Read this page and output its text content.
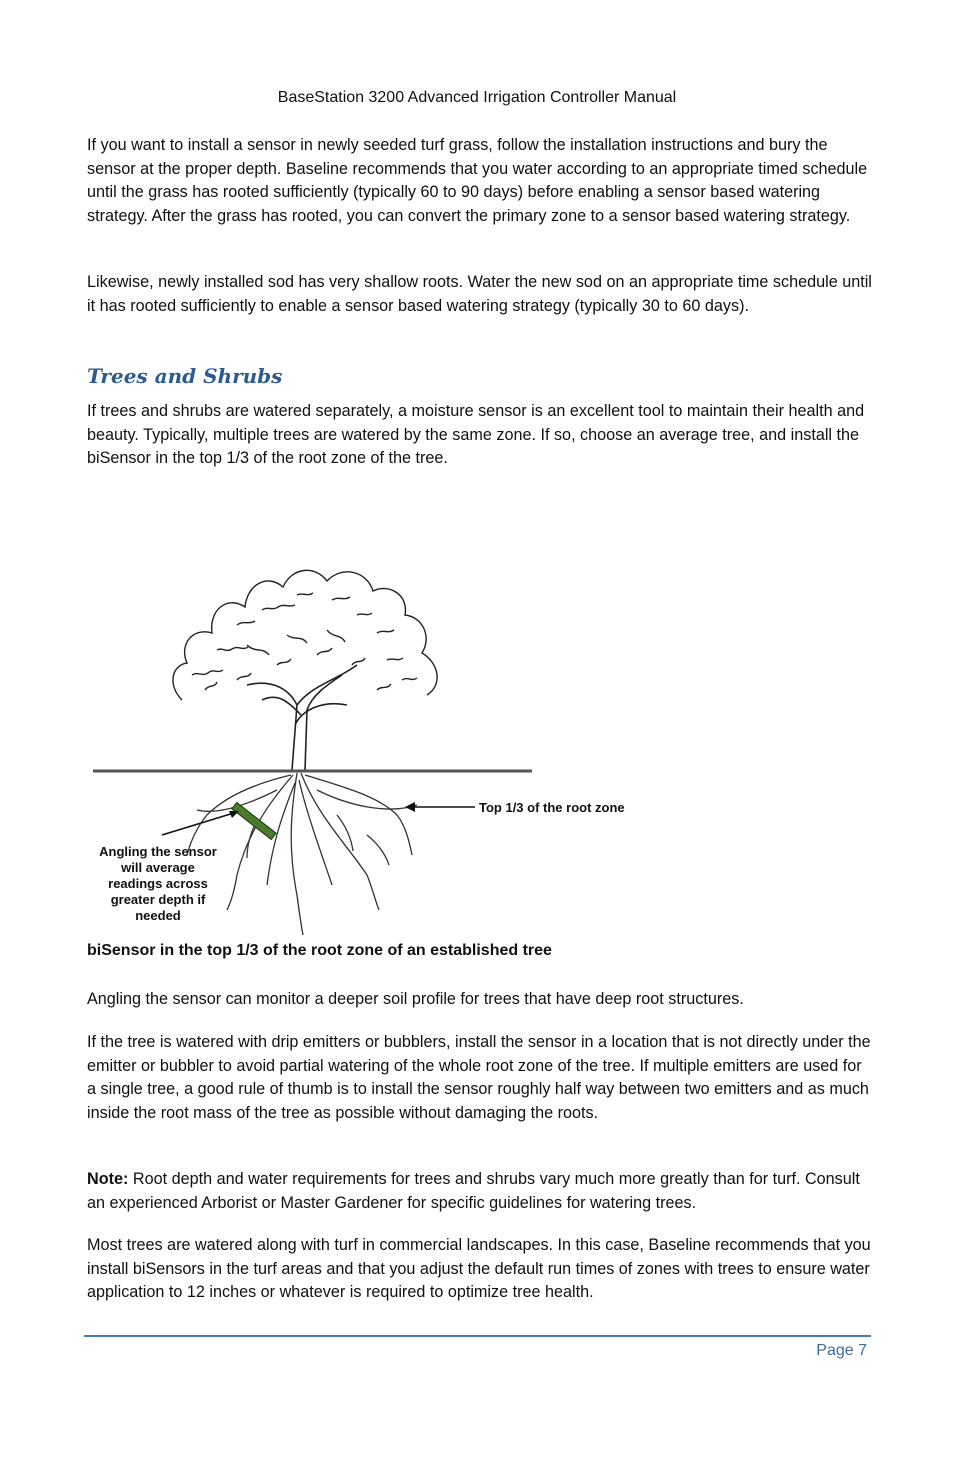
BaseStation 3200 Advanced Irrigation Controller Manual

If you want to install a sensor in newly seeded turf grass, follow the installation instructions and bury the sensor at the proper depth. Baseline recommends that you water according to an appropriate timed schedule until the grass has rooted sufficiently (typically 60 to 90 days) before enabling a sensor based watering strategy. After the grass has rooted, you can convert the primary zone to a sensor based watering strategy.

Likewise, newly installed sod has very shallow roots. Water the new sod on an appropriate time schedule until it has rooted sufficiently to enable a sensor based watering strategy (typically 30 to 60 days).

Trees and Shrubs

If trees and shrubs are watered separately, a moisture sensor is an excellent tool to maintain their health and beauty. Typically, multiple trees are watered by the same zone. If so, choose an average tree, and install the biSensor in the top 1/3 of the root zone of the tree.

Top 1/3 of the root zone
Angling the sensor
will average
readings across
greater depth if
needed
biSensor in the top 1/3 of the root zone of an established tree

Angling the sensor can monitor a deeper soil profile for trees that have deep root structures.

If the tree is watered with drip emitters or bubblers, install the sensor in a location that is not directly under the emitter or bubbler to avoid partial watering of the whole root zone of the tree. If multiple emitters are used for a single tree, a good rule of thumb is to install the sensor roughly half way between two emitters and as much inside the root mass of the tree as possible without damaging the roots.

Note: Root depth and water requirements for trees and shrubs vary much more greatly than for turf. Consult an experienced Arborist or Master Gardener for specific guidelines for watering trees.

Most trees are watered along with turf in commercial landscapes. In this case, Baseline recommends that you install biSensors in the turf areas and that you adjust the default run times of zones with trees to ensure water application to 12 inches or whatever is required to optimize tree health.

Page 7
